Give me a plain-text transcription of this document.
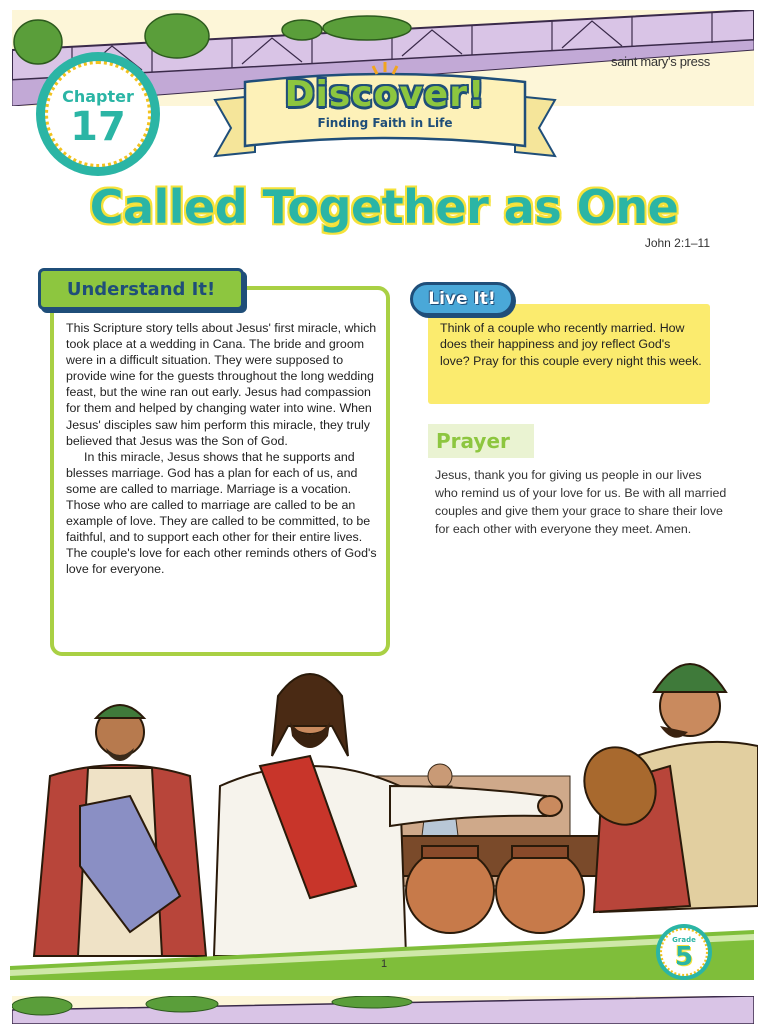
Chapter
17
saint mary's press
Discover!
Finding Faith in Life
Called Together as One
John 2:1–11
Understand It!

This Scripture story tells about Jesus' first miracle, which took place at a wedding in Cana. The bride and groom were in a difficult situation. They were supposed to provide wine for the guests throughout the long wedding feast, but the wine ran out early. Jesus had compassion for them and helped by changing water into wine. When Jesus' disciples saw him perform this miracle, they truly believed that Jesus was the Son of God.

In this miracle, Jesus shows that he supports and blesses marriage. God has a plan for each of us, and some are called to marriage. Marriage is a vocation. Those who are called to marriage are called to be an example of love. They are called to be committed, to be faithful, and to support each other for their entire lives. The couple's love for each other reminds others of God's love for everyone.

Live It!
Think of a couple who recently married. How does their happiness and joy reflect God's love? Pray for this couple every night this week.
Prayer
Jesus, thank you for giving us people in our lives who remind us of your love for us. Be with all married couples and give them your grace to share their love for each other with everyone they meet. Amen.
Grade
5
1
